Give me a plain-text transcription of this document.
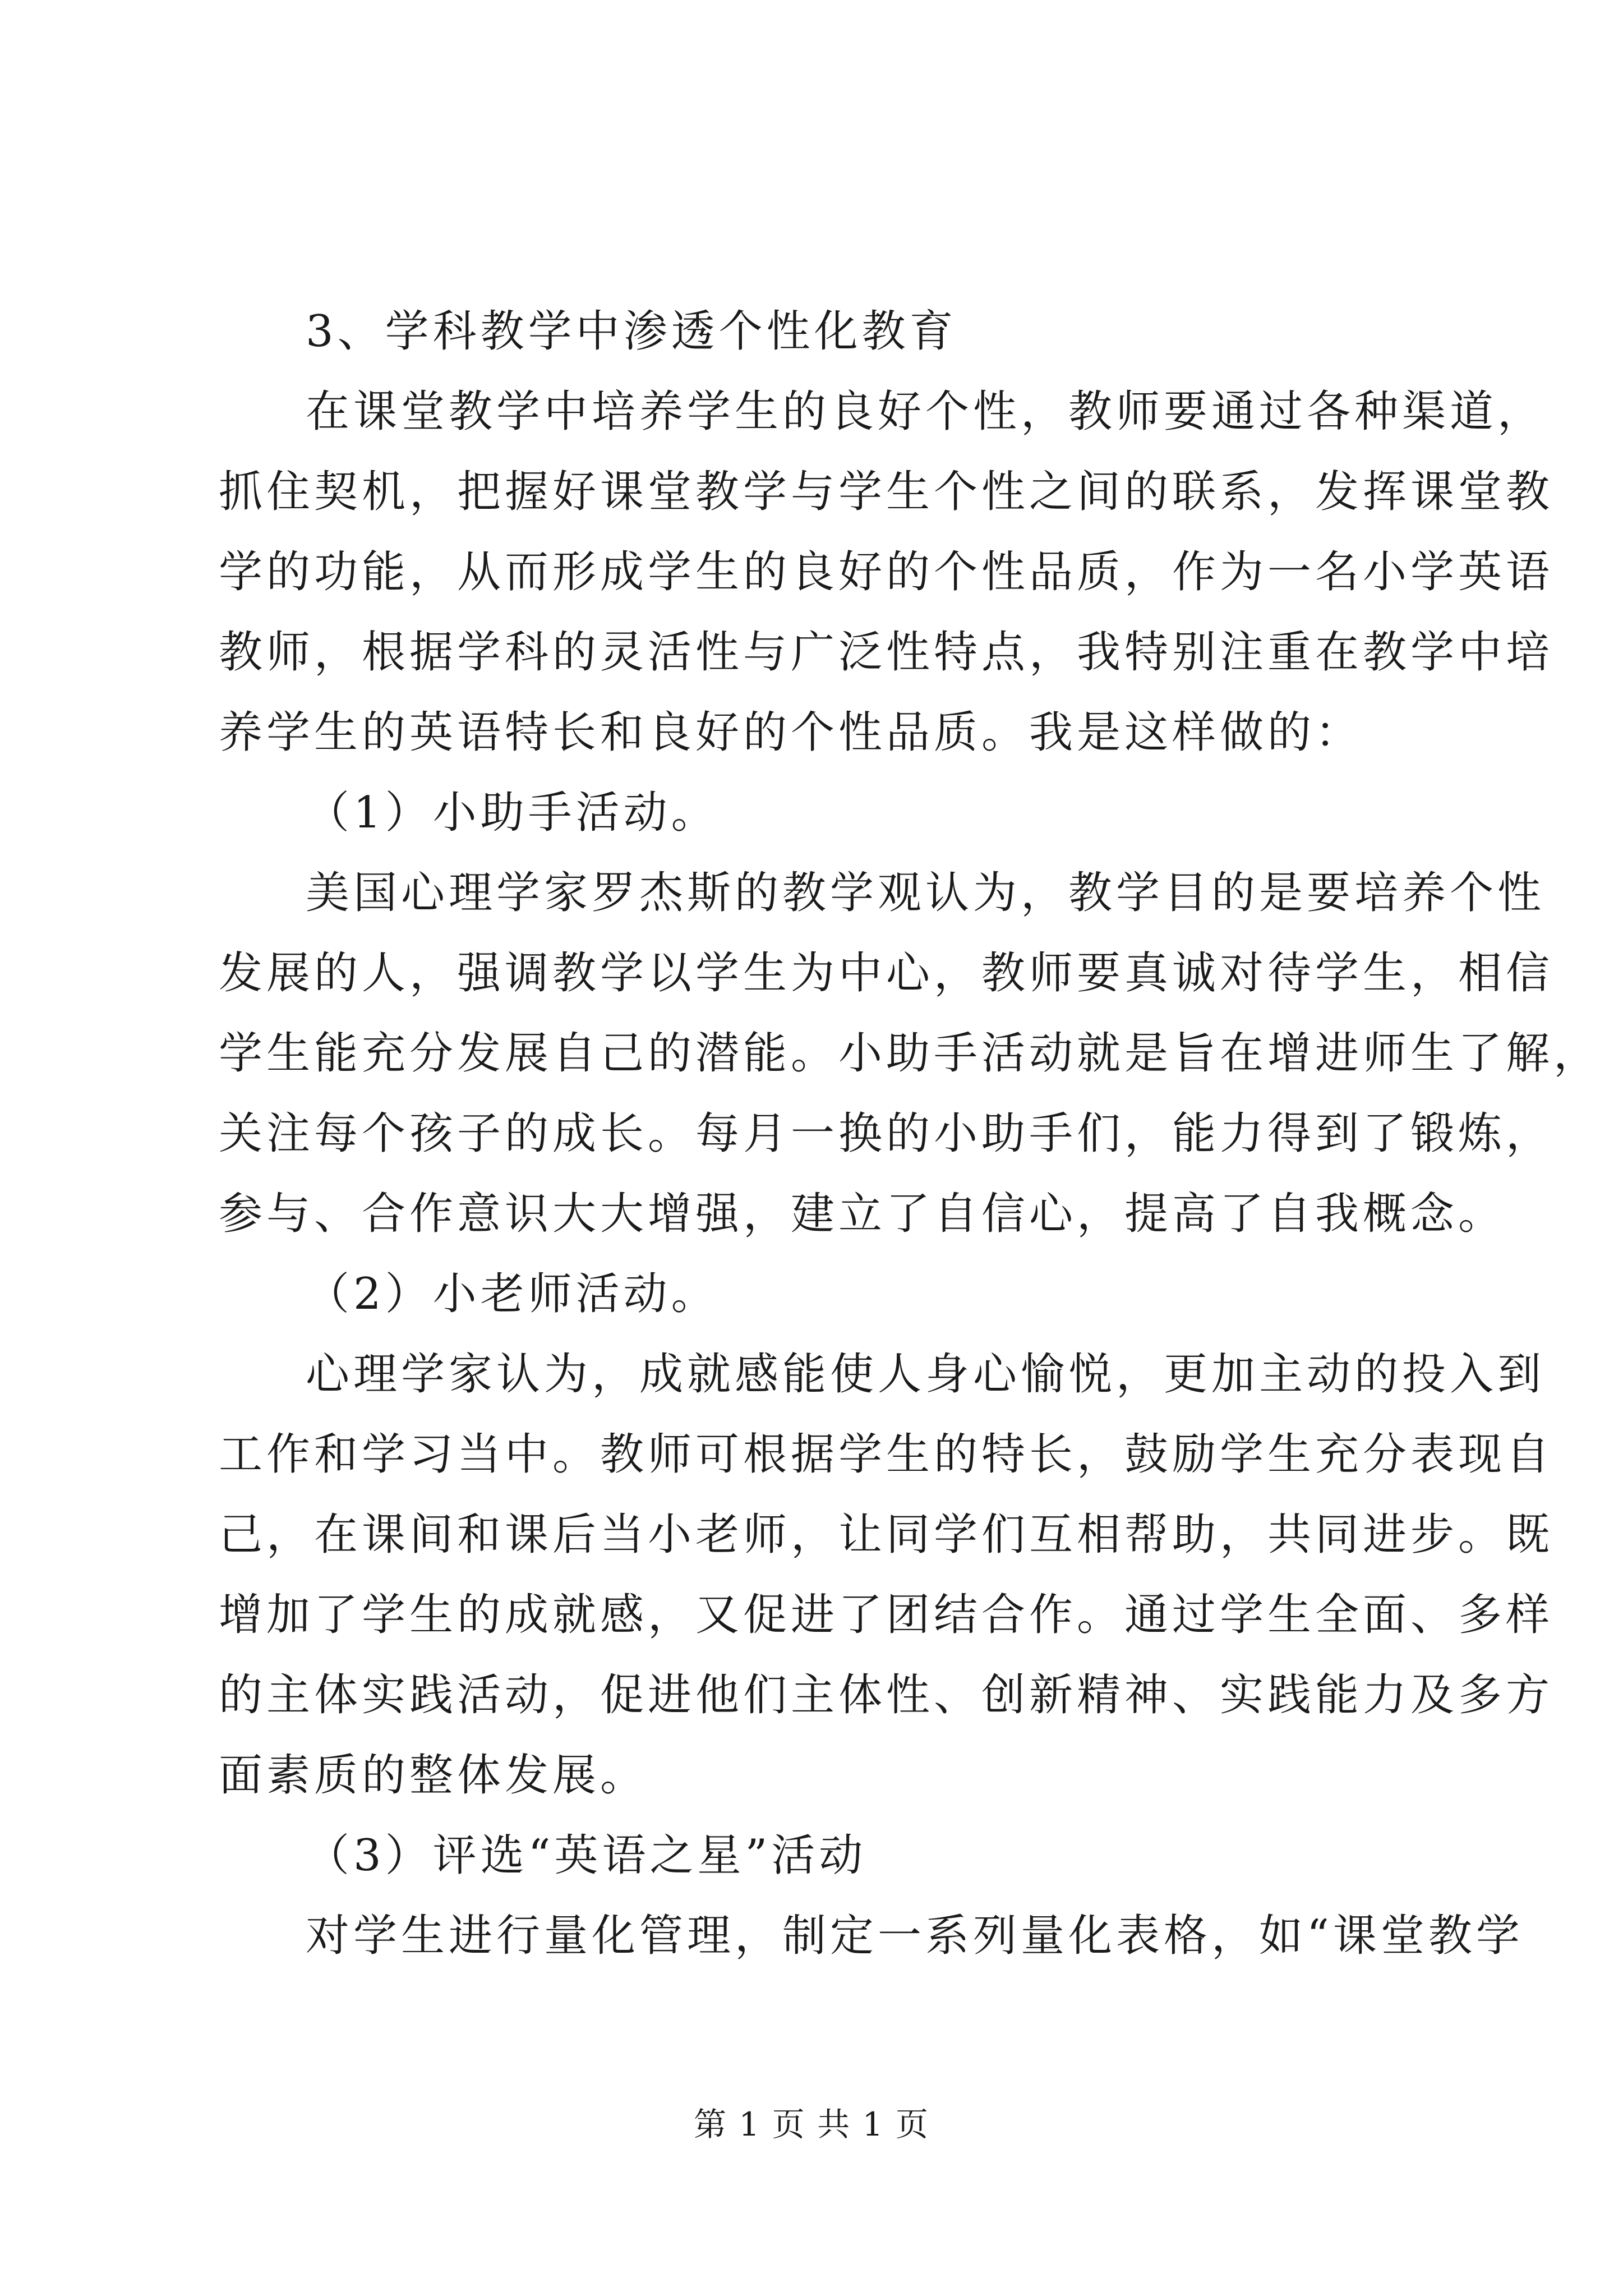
3、学科教学中渗透个性化教育
在课堂教学中培养学生的良好个性，教师要通过各种渠道，
抓住契机，把握好课堂教学与学生个性之间的联系，发挥课堂教
学的功能，从而形成学生的良好的个性品质，作为一名小学英语
教师，根据学科的灵活性与广泛性特点，我特别注重在教学中培
养学生的英语特长和良好的个性品质。我是这样做的：
（1）小助手活动。
美国心理学家罗杰斯的教学观认为，教学目的是要培养个性
发展的人，强调教学以学生为中心，教师要真诚对待学生，相信
学生能充分发展自己的潜能。小助手活动就是旨在增进师生了解，
关注每个孩子的成长。每月一换的小助手们，能力得到了锻炼，
参与、合作意识大大增强，建立了自信心，提高了自我概念。
（2）小老师活动。
心理学家认为，成就感能使人身心愉悦，更加主动的投入到
工作和学习当中。教师可根据学生的特长，鼓励学生充分表现自
己，在课间和课后当小老师，让同学们互相帮助，共同进步。既
增加了学生的成就感，又促进了团结合作。通过学生全面、多样
的主体实践活动，促进他们主体性、创新精神、实践能力及多方
面素质的整体发展。
（3）评选“英语之星”活动
对学生进行量化管理，制定一系列量化表格，如“课堂教学
第 1 页 共 1 页
